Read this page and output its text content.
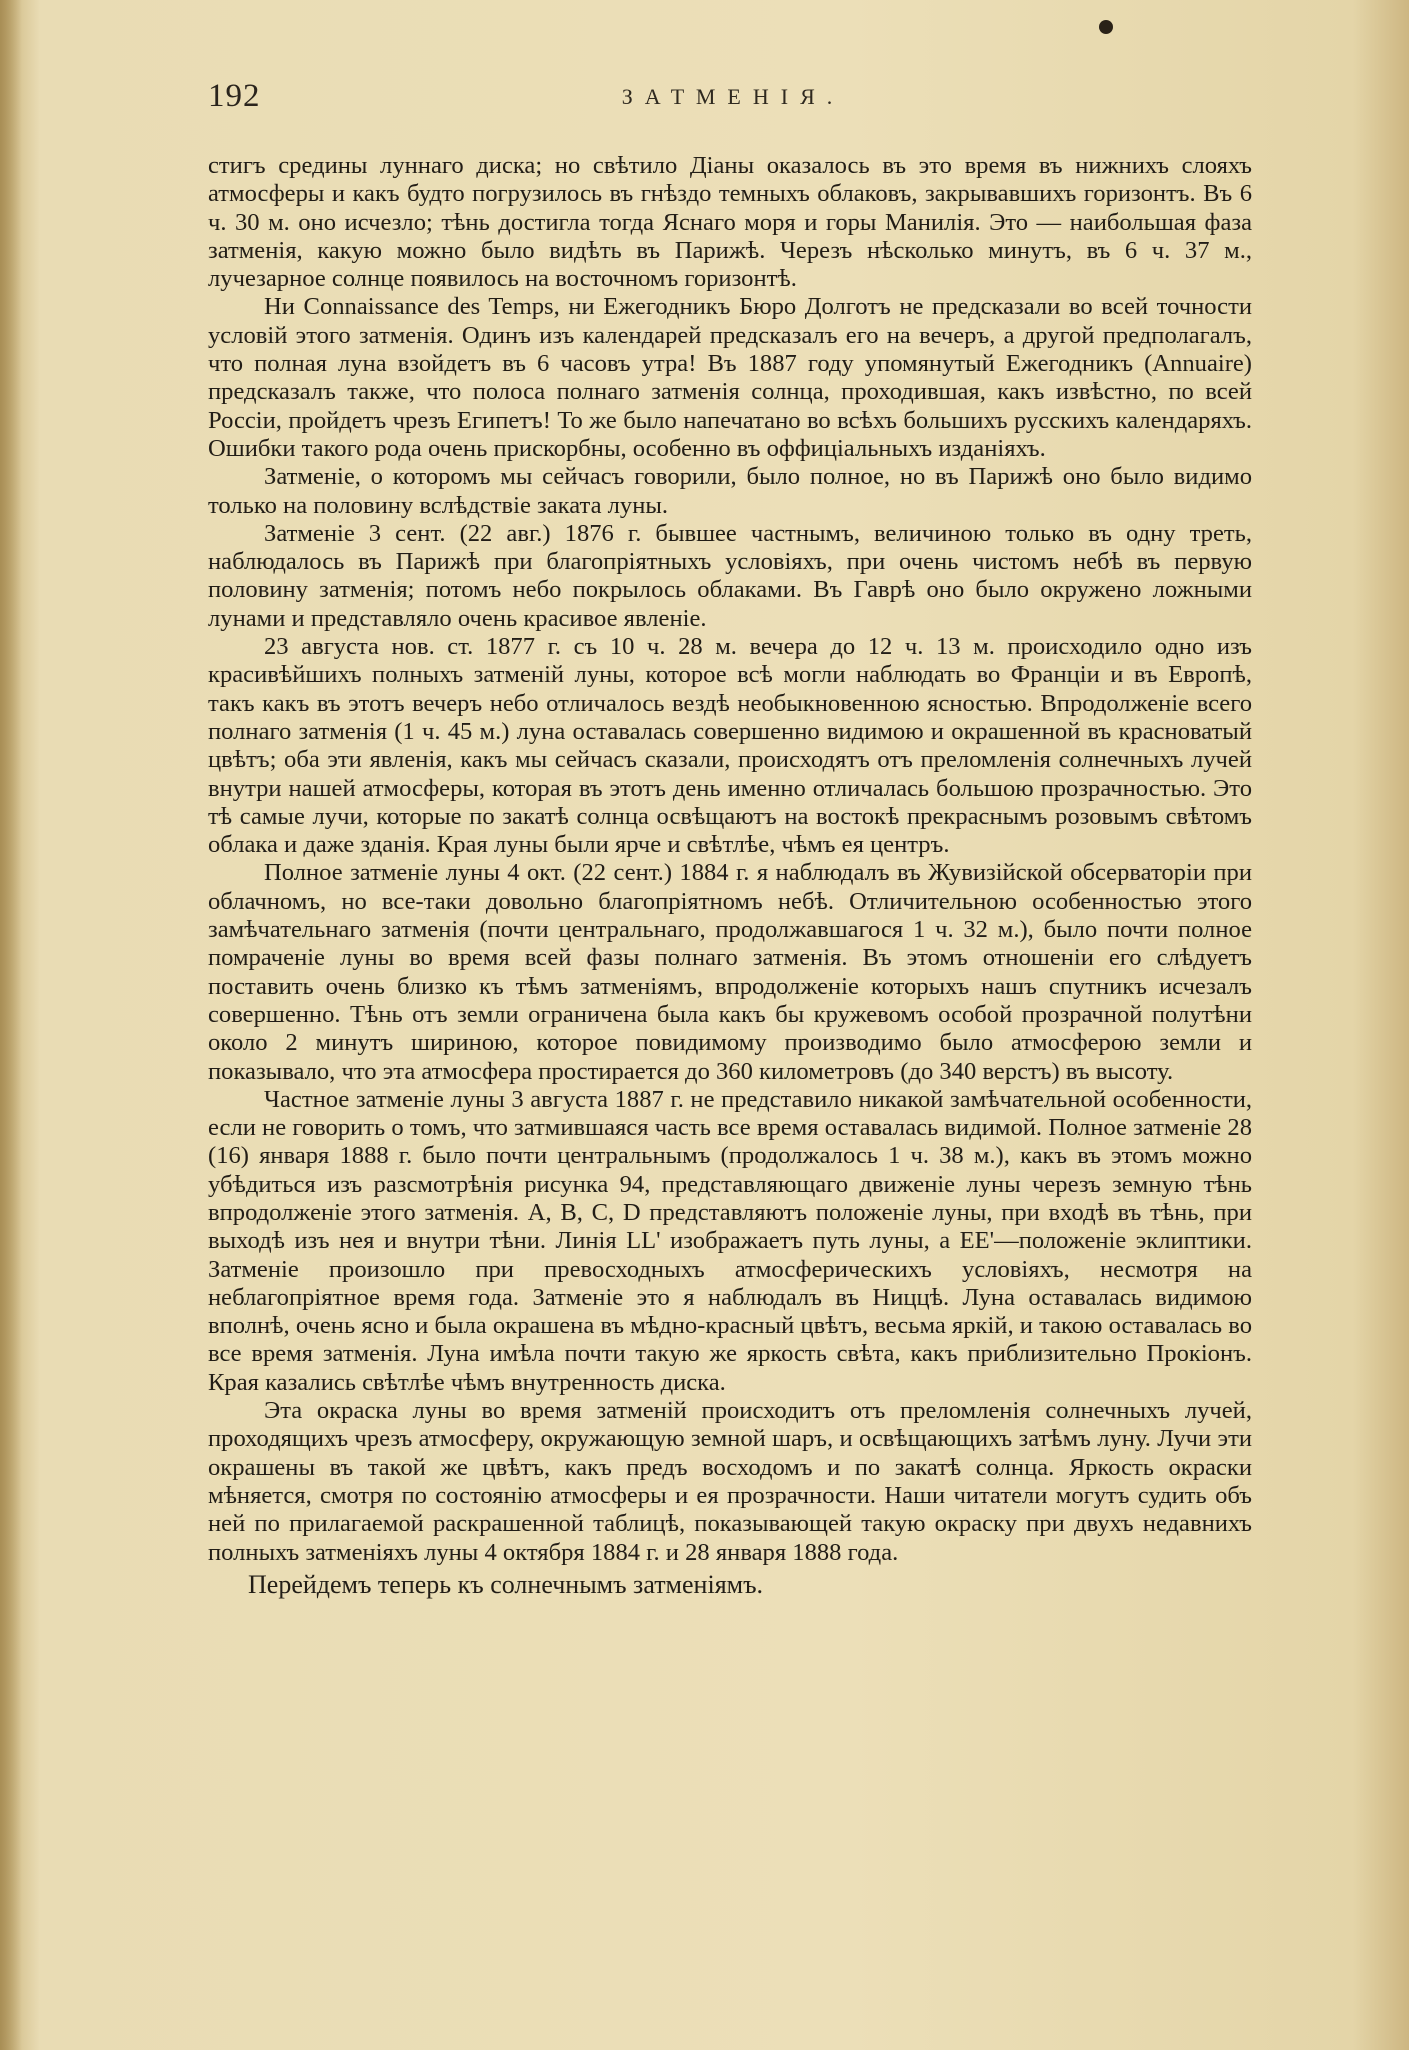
192	ЗАТМЕНIЯ.

стигъ средины луннаго диска; но свѣтило Дiаны оказалось въ это время въ нижнихъ слояхъ атмосферы и какъ будто погрузилось въ гнѣздо темныхъ облаковъ, закрывавшихъ горизонтъ. Въ 6 ч. 30 м. оно исчезло; тѣнь достигла тогда Яснаго моря и горы Манилiя. Это — наибольшая фаза затменiя, какую можно было видѣть въ Парижѣ. Черезъ нѣсколько минутъ, въ 6 ч. 37 м., лучезарное солнце появилось на восточномъ горизонтѣ.

Ни Connaissance des Temps, ни Ежегодникъ Бюро Долготъ не предсказали во всей точности условiй этого затменiя. Одинъ изъ календарей предсказалъ его на вечеръ, а другой предполагалъ, что полная луна взойдетъ въ 6 часовъ утра! Въ 1887 году упомянутый Ежегодникъ (Annuaire) предсказалъ также, что полоса полнаго затменiя солнца, проходившая, какъ извѣстно, по всей Россiи, пройдетъ чрезъ Египетъ! То же было напечатано во всѣхъ большихъ русскихъ календаряхъ. Ошибки такого рода очень прискорбны, особенно въ оффицiальныхъ изданiяхъ.

Затменiе, о которомъ мы сейчасъ говорили, было полное, но въ Парижѣ оно было видимо только на половину вслѣдствiе заката луны.

Затменiе 3 сент. (22 авг.) 1876 г. бывшее частнымъ, величиною только въ одну треть, наблюдалось въ Парижѣ при благопрiятныхъ условiяхъ, при очень чистомъ небѣ въ первую половину затменiя; потомъ небо покрылось облаками. Въ Гаврѣ оно было окружено ложными лунами и представляло очень красивое явленiе.

23 августа нов. ст. 1877 г. съ 10 ч. 28 м. вечера до 12 ч. 13 м. происходило одно изъ красивѣйшихъ полныхъ затменiй луны, которое всѣ могли наблюдать во Францiи и въ Европѣ, такъ какъ въ этотъ вечеръ небо отличалось вездѣ необыкновенною ясностью. Впродолженiе всего полнаго затменiя (1 ч. 45 м.) луна оставалась совершенно видимою и окрашенной въ красноватый цвѣтъ; оба эти явленiя, какъ мы сейчасъ сказали, происходятъ отъ преломленiя солнечныхъ лучей внутри нашей атмосферы, которая въ этотъ день именно отличалась большою прозрачностью. Это тѣ самые лучи, которые по закатѣ солнца освѣщаютъ на востокѣ прекраснымъ розовымъ свѣтомъ облака и даже зданiя. Края луны были ярче и свѣтлѣе, чѣмъ ея центръ.

Полное затменiе луны 4 окт. (22 сент.) 1884 г. я наблюдалъ въ Жувизiйской обсерваторiи при облачномъ, но все-таки довольно благопрiятномъ небѣ. Отличительною особенностью этого замѣчательнаго затменiя (почти центральнаго, продолжавшагося 1 ч. 32 м.), было почти полное помраченiе луны во время всей фазы полнаго затменiя. Въ этомъ отношенiи его слѣдуетъ поставить очень близко къ тѣмъ затменiямъ, впродолженiе которыхъ нашъ спутникъ исчезалъ совершенно. Тѣнь отъ земли ограничена была какъ бы кружевомъ особой прозрачной полутѣни около 2 минутъ шириною, которое повидимому производимо было атмосферою земли и показывало, что эта атмосфера простирается до 360 километровъ (до 340 верстъ) въ высоту.

Частное затменiе луны 3 августа 1887 г. не представило никакой замѣчательной особенности, если не говорить о томъ, что затмившаяся часть все время оставалась видимой. Полное затменiе 28 (16) января 1888 г. было почти центральнымъ (продолжалось 1 ч. 38 м.), какъ въ этомъ можно убѣдиться изъ разсмотрѣнiя рисунка 94, представляющаго движенiе луны черезъ земную тѣнь впродолженiе этого затменiя. A, B, C, D представляютъ положенiе луны, при входѣ въ тѣнь, при выходѣ изъ нея и внутри тѣни. Линiя LL' изображаетъ путь луны, а EE'—положенiе эклиптики. Затменiе произошло при превосходныхъ атмосферическихъ условiяхъ, несмотря на неблагопрiятное время года. Затменiе это я наблюдалъ въ Ниццѣ. Луна оставалась видимою вполнѣ, очень ясно и была окрашена въ мѣдно-красный цвѣтъ, весьма яркiй, и такою оставалась во все время затменiя. Луна имѣла почти такую же яркость свѣта, какъ приблизительно Прокiонъ. Края казались свѣтлѣе чѣмъ внутренность диска.

Эта окраска луны во время затменiй происходитъ отъ преломленiя солнечныхъ лучей, проходящихъ чрезъ атмосферу, окружающую земной шаръ, и освѣщающихъ затѣмъ луну. Лучи эти окрашены въ такой же цвѣтъ, какъ предъ восходомъ и по закатѣ солнца. Яркость окраски мѣняется, смотря по состоянiю атмосферы и ея прозрачности. Наши читатели могутъ судить объ ней по прилагаемой раскрашенной таблицѣ, показывающей такую окраску при двухъ недавнихъ полныхъ затменiяхъ луны 4 октября 1884 г. и 28 января 1888 года.

Перейдемъ теперь къ солнечнымъ затменiямъ.
